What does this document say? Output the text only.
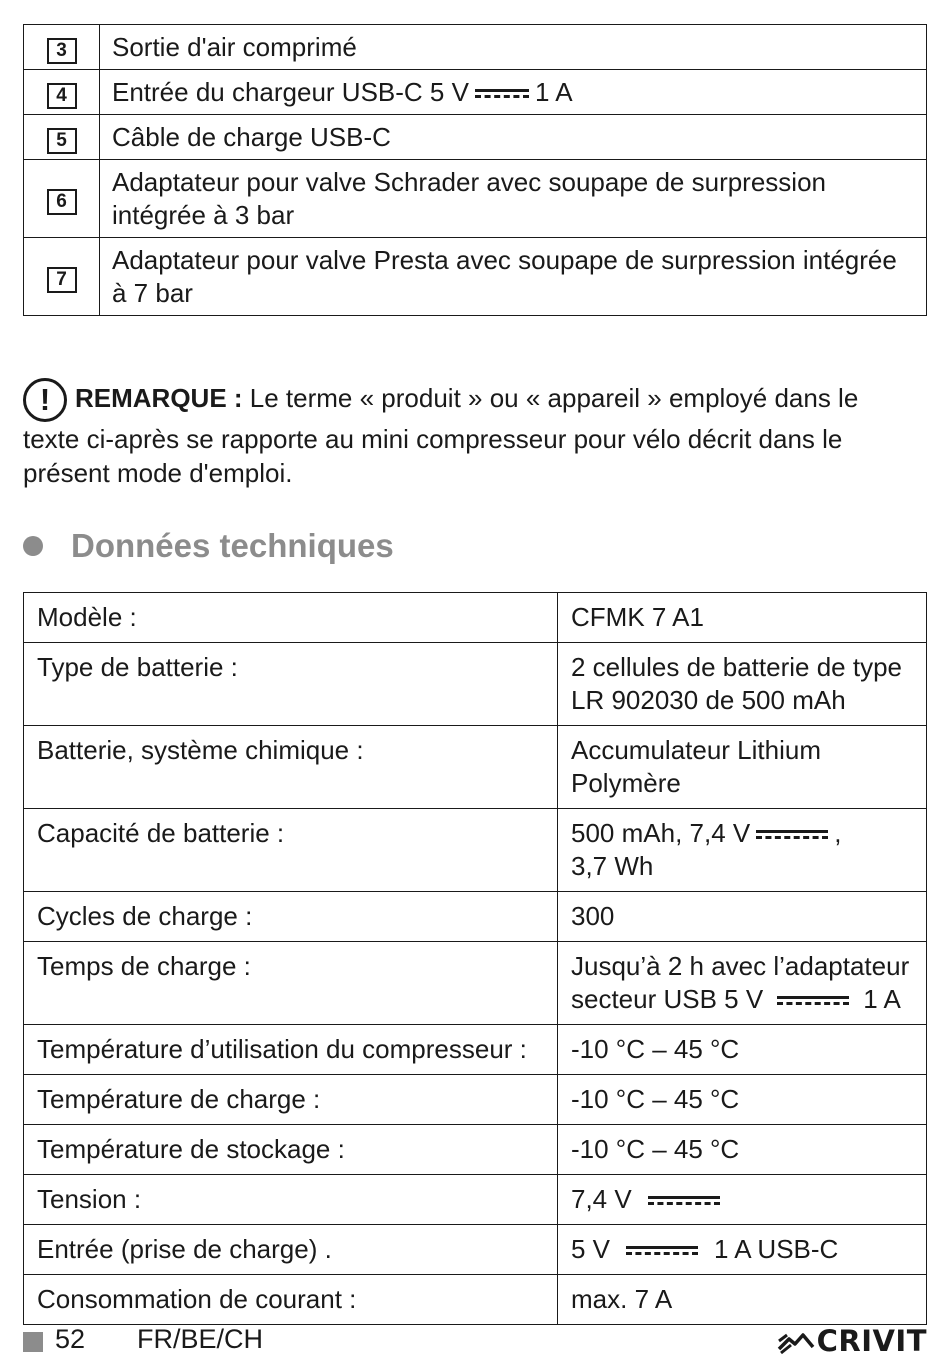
3	Sortie d'air comprimé
4	Entrée du chargeur USB-C 5 V 1 A
5	Câble de charge USB-C
6	Adaptateur pour valve Schrader avec soupape de surpression
intégrée à 3 bar
7	Adaptateur pour valve Presta avec soupape de surpression intégrée
à 7 bar
! REMARQUE : Le terme « produit » ou « appareil » employé dans le
texte ci-après se rapporte au mini compresseur pour vélo décrit dans le
présent mode d'emploi.
Données techniques
Modèle :	CFMK 7 A1
Type de batterie :	2 cellules de batterie de type
LR 902030 de 500 mAh
Batterie, système chimique :	Accumulateur Lithium Polymère
Capacité de batterie :	500 mAh, 7,4 V ,
3,7 Wh
Cycles de charge :	300
Temps de charge :	Jusqu’à 2 h avec l’adaptateur
secteur USB 5 V 1 A
Température d’utilisation du compresseur :	-10 °C – 45 °C
Température de charge :	-10 °C – 45 °C
Température de stockage :	-10 °C – 45 °C
Tension :	7,4 V
Entrée (prise de charge) .	5 V 1 A USB-C
Consommation de courant :	max. 7 A
52 FR/BE/CH	CRIVIT
